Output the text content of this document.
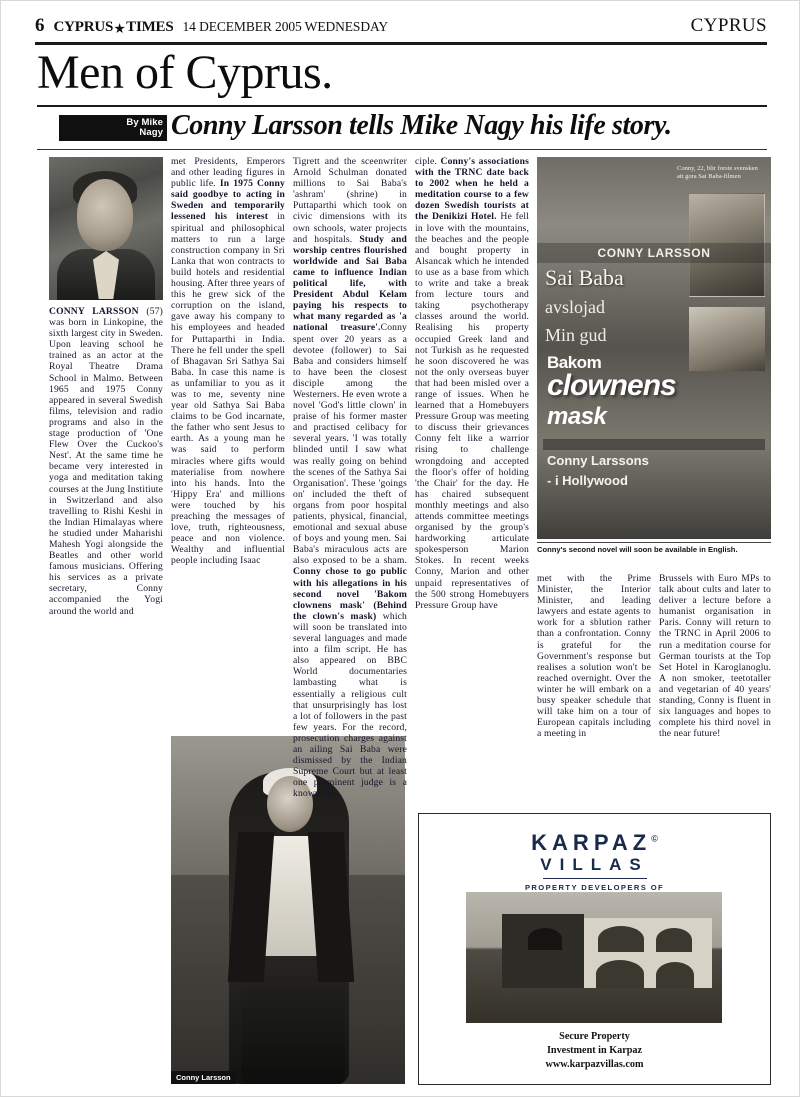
6 CYPRUS TIMES 14 DECEMBER 2005 WEDNESDAY	CYPRUS
Men of Cyprus.
By Mike
Nagy Conny Larsson tells Mike Nagy his life story.
Conny Larsson
Conny, 22, blir forste svensken att gora Sai Baba-filmen
CONNY LARSSON
Sai Baba
avslojad
Min gud
Bakom
clownens
mask
Conny Larssons
- i Hollywood
Conny's second novel will soon be available in English.

CONNY LARSSON (57) was born in Linkopine, the sixth largest city in Sweden. Upon leaving school he trained as an actor at the Royal Theatre Drama School in Malmo. Between 1965 and 1975 Conny appeared in several Swedish films, television and radio programs and also in the stage production of 'One Flew Over the Cuckoo's Nest'. At the same time he became very interested in yoga and meditation taking courses at the Jung Institiute in Switzerland and also travelling to Rishi Keshi in the Indian Himalayas where he studied under Maharishi Mahesh Yogi alongside the Beatles and other world famous musicians. Offering his services as a private secretary, Conny accompanied the Yogi around the world and

met Presidents, Emperors and other leading figures in public life. In 1975 Conny said goodbye to acting in Sweden and temporarily lessened his interest in spiritual and philosophical matters to run a large construction company in Sri Lanka that won contracts to build hotels and residential housing. After three years of this he grew sick of the corruption on the island, gave away his company to his employees and headed for Puttaparthi in India. There he fell under the spell of Bhagavan Sri Sathya Sai Baba. In case this name is as unfamiliar to you as it was to me, seventy nine year old Sathya Sai Baba claims to be God incarnate, the father who sent Jesus to earth. As a young man he was said to perform miracles where gifts would materialise from nowhere into his hands. Into the 'Hippy Era' and millions were touched by his preaching the messages of love, truth, righteousness, peace and non violence. Wealthy and influential people including Isaac

Tigrett and the sceenwriter Arnold Schulman donated millions to Sai Baba's 'ashram' (shrine) in Puttaparthi which took on civic dimensions with its own schools, water projects and hospitals. Study and worship centres flourished worldwide and Sai Baba came to influence Indian political life, with President Abdul Kelam paying his respects to what many regarded as 'a national treasure'.Conny spent over 20 years as a devotee (follower) to Sai Baba and considers himself to have been the closest disciple among the Westerners. He even wrote a novel 'God's little clown' in praise of his former master and practised celibacy for several years. 'I was totally blinded until I saw what was really going on behind the scenes of the Sathya Sai Organisation'. These 'goings on' included the theft of organs from poor hospital patients, physical, financial, emotional and sexual abuse of boys and young men. Sai Baba's miraculous acts are also exposed to be a sham. Conny chose to go public with his allegations in his second novel 'Bakom clownens mask' (Behind the clown's mask) which will soon be translated into several languages and made into a film script. He has also appeared on BBC World documentaries lambasting what is essentially a religious cult that unsurprisingly has lost a lot of followers in the past few years. For the record, prosecution charges against an ailing Sai Baba were dismissed by the Indian Supreme Court but at least one prominent judge is a known dis-

ciple. Conny's associations with the TRNC date back to 2002 when he held a meditation course to a few dozen Swedish tourists at the Denikizi Hotel. He fell in love with the mountains, the beaches and the people and bought property in Alsancak which he intended to use as a base from which to write and take a break from lecture tours and taking psychotherapy classes around the world. Realising his property occupied Greek land and not Turkish as he requested he soon discovered he was not the only overseas buyer that had been misled over a range of issues. When he learned that a Homebuyers Pressure Group was meeting to discuss their grievances Conny felt like a warrior rising to challenge wrongdoing and accepted the floor's offer of holding 'the Chair' for the day. He has chaired subsequent monthly meetings and also attends committee meetings organised by the group's hardworking articulate spokesperson Marion Stokes. In recent weeks Conny, Marion and other unpaid representatives of the 500 strong Homebuyers Pressure Group have

met with the Prime Minister, the Interior Minister, and leading lawyers and estate agents to work for a sblution rather than a confrontation. Conny is grateful for the Government's response but realises a solution won't be reached overnight. Over the winter he will embark on a busy speaker schedule that will take him on a tour of European capitals including a meeting in

Brussels with Euro MPs to talk about cults and later to deliver a lecture before a humanist organisation in Paris. Conny will return to the TRNC in April 2006 to run a meditation course for German tourists at the Top Set Hotel in Karoglanoglu. A non smoker, teetotaller and vegetarian of 40 years' standing, Conny is fluent in six languages and hopes to complete his third novel in the near future!

KARPAZ©
VILLAS
PROPERTY DEVELOPERS OF
Secure Property
Investment in Karpaz
www.karpazvillas.com
